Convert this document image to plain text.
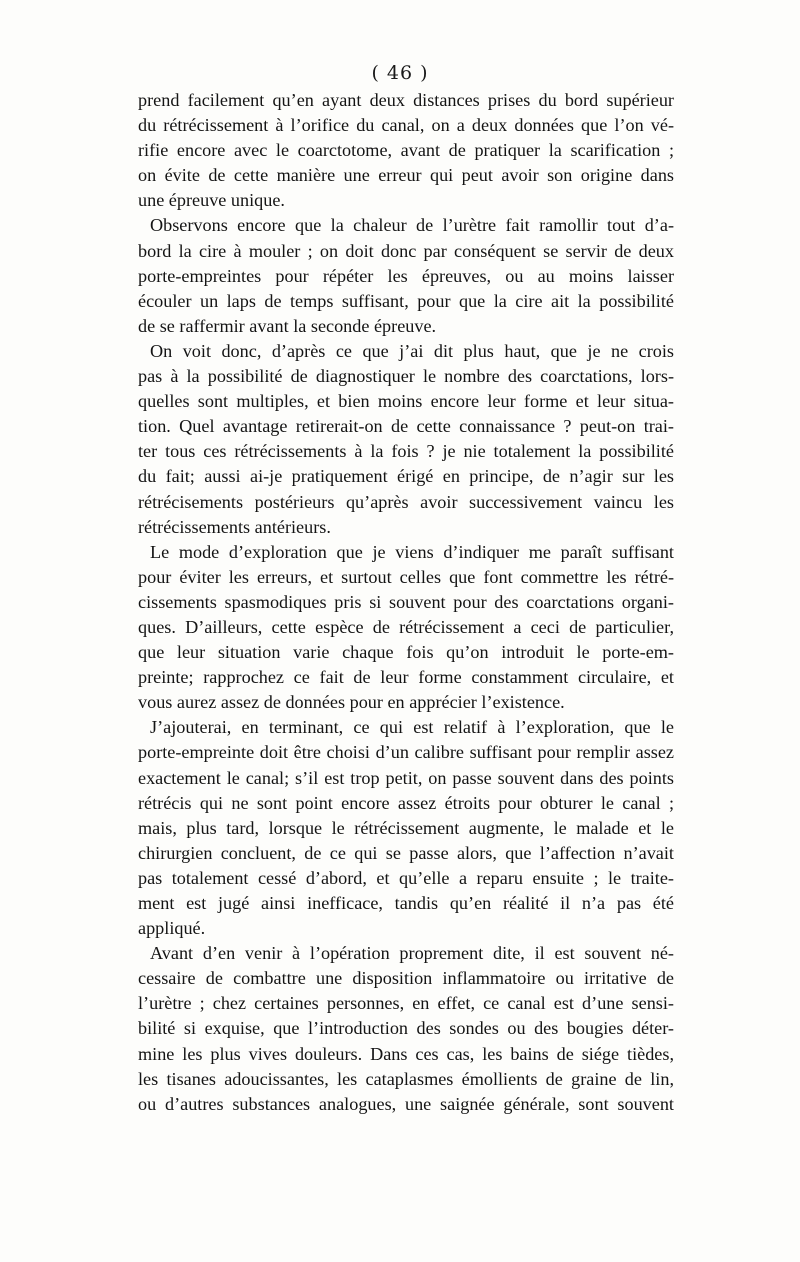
( 46 )
prend facilement qu’en ayant deux distances prises du bord supérieur
du rétrécissement à l’orifice du canal, on a deux données que l’on vé-
rifie encore avec le coarctotome, avant de pratiquer la scarification ;
on évite de cette manière une erreur qui peut avoir son origine dans
une épreuve unique.
Observons encore que la chaleur de l’urètre fait ramollir tout d’a-
bord la cire à mouler ; on doit donc par conséquent se servir de deux
porte-empreintes pour répéter les épreuves, ou au moins laisser
écouler un laps de temps suffisant, pour que la cire ait la possibilité
de se raffermir avant la seconde épreuve.
On voit donc, d’après ce que j’ai dit plus haut, que je ne crois
pas à la possibilité de diagnostiquer le nombre des coarctations, lors-
quelles sont multiples, et bien moins encore leur forme et leur situa-
tion. Quel avantage retirerait-on de cette connaissance ? peut-on trai-
ter tous ces rétrécissements à la fois ? je nie totalement la possibilité
du fait; aussi ai-je pratiquement érigé en principe, de n’agir sur les
rétrécisements postérieurs qu’après avoir successivement vaincu les
rétrécissements antérieurs.
Le mode d’exploration que je viens d’indiquer me paraît suffisant
pour éviter les erreurs, et surtout celles que font commettre les rétré-
cissements spasmodiques pris si souvent pour des coarctations organi-
ques. D’ailleurs, cette espèce de rétrécissement a ceci de particulier,
que leur situation varie chaque fois qu’on introduit le porte-em-
preinte; rapprochez ce fait de leur forme constamment circulaire, et
vous aurez assez de données pour en apprécier l’existence.
J’ajouterai, en terminant, ce qui est relatif à l’exploration, que le
porte-empreinte doit être choisi d’un calibre suffisant pour remplir assez
exactement le canal; s’il est trop petit, on passe souvent dans des points
rétrécis qui ne sont point encore assez étroits pour obturer le canal ;
mais, plus tard, lorsque le rétrécissement augmente, le malade et le
chirurgien concluent, de ce qui se passe alors, que l’affection n’avait
pas totalement cessé d’abord, et qu’elle a reparu ensuite ; le traite-
ment est jugé ainsi inefficace, tandis qu’en réalité il n’a pas été
appliqué.
Avant d’en venir à l’opération proprement dite, il est souvent né-
cessaire de combattre une disposition inflammatoire ou irritative de
l’urètre ; chez certaines personnes, en effet, ce canal est d’une sensi-
bilité si exquise, que l’introduction des sondes ou des bougies déter-
mine les plus vives douleurs. Dans ces cas, les bains de siége tièdes,
les tisanes adoucissantes, les cataplasmes émollients de graine de lin,
ou d’autres substances analogues, une saignée générale, sont souvent
